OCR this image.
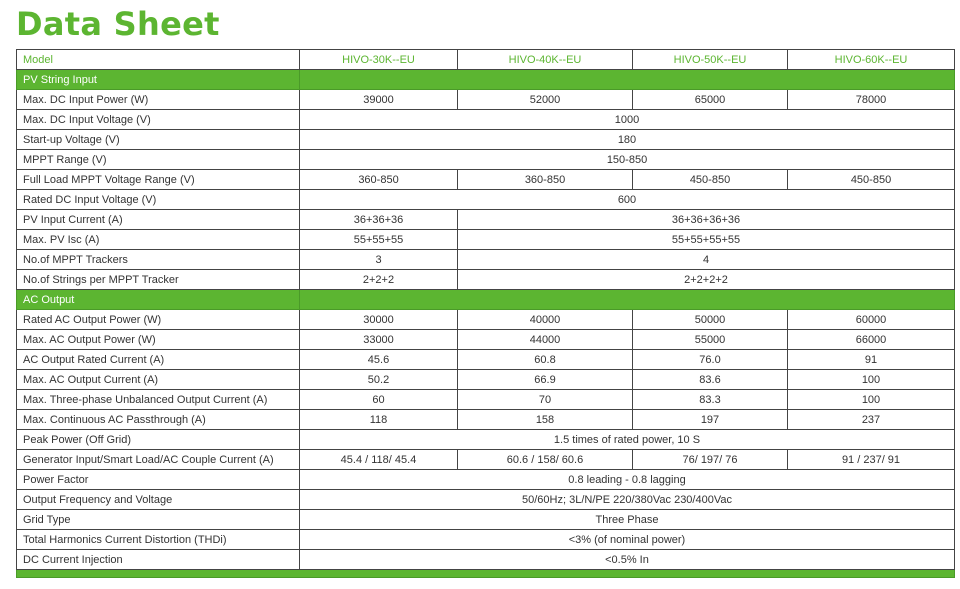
Data Sheet
Model	HIVO-30K--EU	HIVO-40K--EU	HIVO-50K--EU	HIVO-60K--EU
PV String Input				
Max. DC Input Power (W)	39000	52000	65000	78000
Max. DC Input Voltage (V)	1000			
Start-up Voltage (V)	180			
MPPT Range (V)	150-850			
Full Load MPPT Voltage Range (V)	360-850	360-850	450-850	450-850
Rated DC Input Voltage (V)	600			
PV Input Current (A)	36+36+36	36+36+36+36		
Max. PV Isc (A)	55+55+55	55+55+55+55		
No.of MPPT Trackers	3	4		
No.of Strings per MPPT Tracker	2+2+2	2+2+2+2		
AC Output				
Rated AC Output Power (W)	30000	40000	50000	60000
Max. AC Output Power (W)	33000	44000	55000	66000
AC Output Rated Current (A)	45.6	60.8	76.0	91
Max. AC Output Current (A)	50.2	66.9	83.6	100
Max. Three-phase Unbalanced Output Current (A)	60	70	83.3	100
Max. Continuous AC Passthrough (A)	118	158	197	237
Peak Power (Off Grid)	1.5 times of rated power, 10 S			
Generator Input/Smart Load/AC Couple Current (A)	45.4 / 118/ 45.4	60.6 / 158/ 60.6	76/ 197/ 76	91 / 237/ 91
Power Factor	0.8 leading - 0.8 lagging			
Output Frequency and Voltage	50/60Hz; 3L/N/PE 220/380Vac 230/400Vac			
Grid Type	Three Phase			
Total Harmonics Current Distortion (THDi)	<3% (of nominal power)			
DC Current Injection	<0.5% In			
